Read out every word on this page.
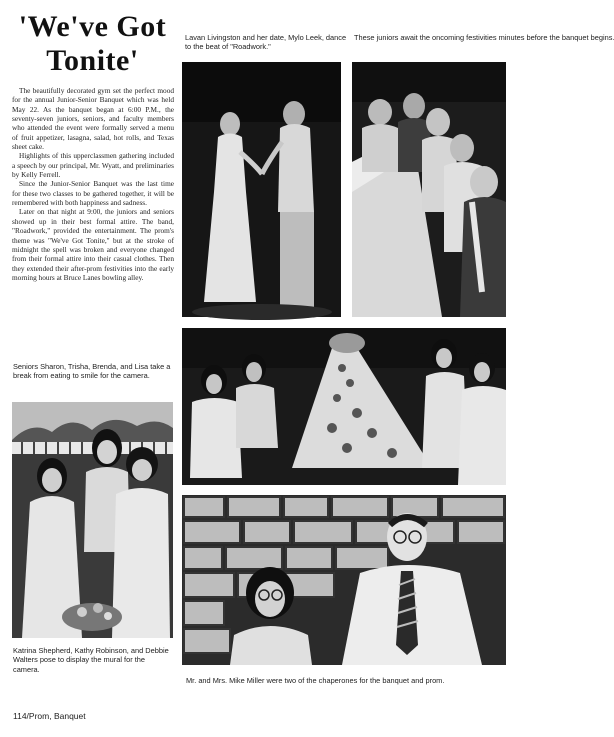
'We've Got
Tonite'

The beautifully decorated gym set the perfect mood for the annual Junior-Senior Banquet which was held May 22. As the banquet began at 6:00 P.M., the seventy-seven juniors, seniors, and faculty members who attended the event were formally served a menu of fruit appetizer, lasagna, salad, hot rolls, and Texas sheet cake.

Highlights of this upperclassmen gathering included a speech by our principal, Mr. Wyatt, and preliminaries by Kelly Ferrell.

Since the Junior-Senior Banquet was the last time for these two classes to be gathered together, it will be remembered with both happiness and sadness.

Later on that night at 9:00, the juniors and seniors showed up in their best formal attire. The band, "Roadwork," provided the entertainment. The prom's theme was "We've Got Tonite," but at the stroke of midnight the spell was broken and everyone changed from their formal attire into their casual clothes. Then they extended their after-prom festivities into the early morning hours at Bruce Lanes bowling alley.

Seniors Sharon, Trisha, Brenda, and Lisa take a break from eating to smile for the camera.
Katrina Shepherd, Kathy Robinson, and Debbie Walters pose to display the mural for the camera.
Lavan Livingston and her date, Mylo Leek, dance to the beat of "Roadwork."
These juniors await the oncoming festivities minutes before the banquet begins.
Mr. and Mrs. Mike Miller were two of the chaperones for the banquet and prom.
114/Prom, Banquet
